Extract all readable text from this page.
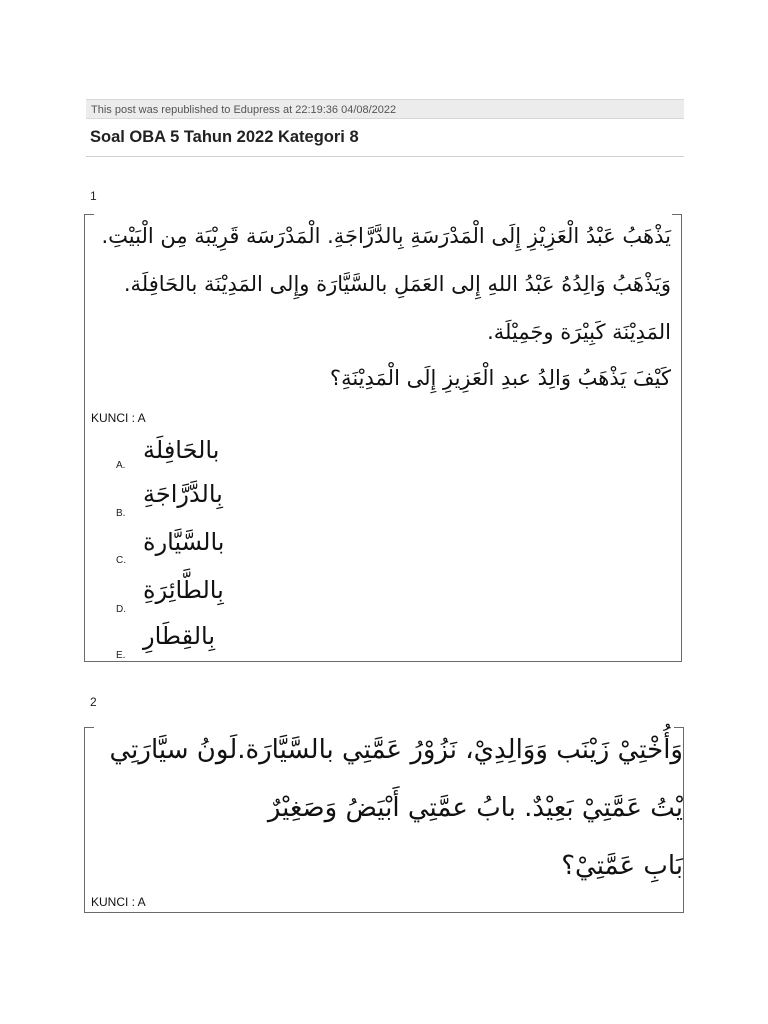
This post was republished to Edupress at 22:19:36 04/08/2022
Soal OBA 5 Tahun 2022 Kategori 8
1
يَذْهَبُ عَبْدُ الْعَزِيْزِ إِلَى الْمَدْرَسَةِ بِالدَّرَّاجَةِ. الْمَدْرَسَة قَرِيْبَة مِن الْبَيْتِ.
وَيَذْهَبُ وَالِدُهُ عَبْدُ اللهِ إِلى العَمَلِ بالسَّيَّارَة وإِلى المَدِيْنَة بالحَافِلَة.
المَدِيْنَة كَبِيْرَة وجَمِيْلَة.
كَيْفَ يَذْهَبُ وَالِدُ عبدِ الْعَزِيزِ إِلَى الْمَدِيْنَةِ؟
KUNCI : A
بالحَافِلَة
A.
بِالدَّرَّاجَةِ
B.
بالسَّيَّارة
C.
بِالطَّائِرَةِ
D.
بِالقِطَارِ
E.
2
وَأُخْتِيْ زَيْنَب وَوَالِدِيْ، نَزُوْرُ عَمَّتِي بالسَّيَّارَة.لَونُ سيَّارَتِي
يْتُ عَمَّتِيْ بَعِيْدٌ. بابُ عمَّتِي أَبْيَضُ وَصَغِيْرٌ
بَابِ عَمَّتِيْ؟
KUNCI : A
